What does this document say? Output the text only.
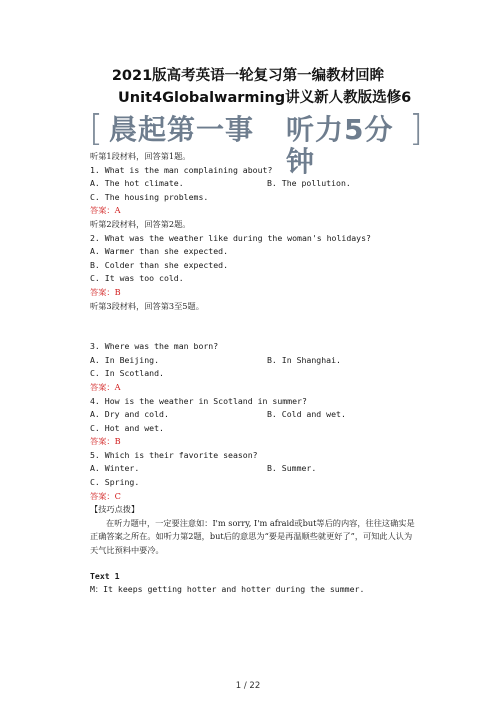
2021版高考英语一轮复习第一编教材回眸
Unit4Globalwarming讲义新人教版选修6
[ 晨起第一事 听力5分钟
]
听第1段材料，回答第1题。
1. What is the man complaining about?
A. The hot climate.	B. The pollution.
C. The housing problems.
答案：A
听第2段材料，回答第2题。
2. What was the weather like during the woman's holidays?
A. Warmer than she expected.
B. Colder than she expected.
C. It was too cold.
答案：B
听第3段材料，回答第3至5题。
3. Where was the man born?
A. In Beijing.	B. In Shanghai.
C. In Scotland.
答案：A
4. How is the weather in Scotland in summer?
A. Dry and cold.	B. Cold and wet.
C. Hot and wet.
答案：B
5. Which is their favorite season?
A. Winter.	B. Summer.
C. Spring.
答案：C
【技巧点拨】
在听力题中，一定要注意如：I'm sorry, I'm afraid或but等后的内容，往往这确实是正确答案之所在。如听力第2题，but后的意思为“要是再温顺些就更好了”，可知此人认为天气比预料中要冷。
Text 1
M：It keeps getting hotter and hotter during the summer.
1 / 22
